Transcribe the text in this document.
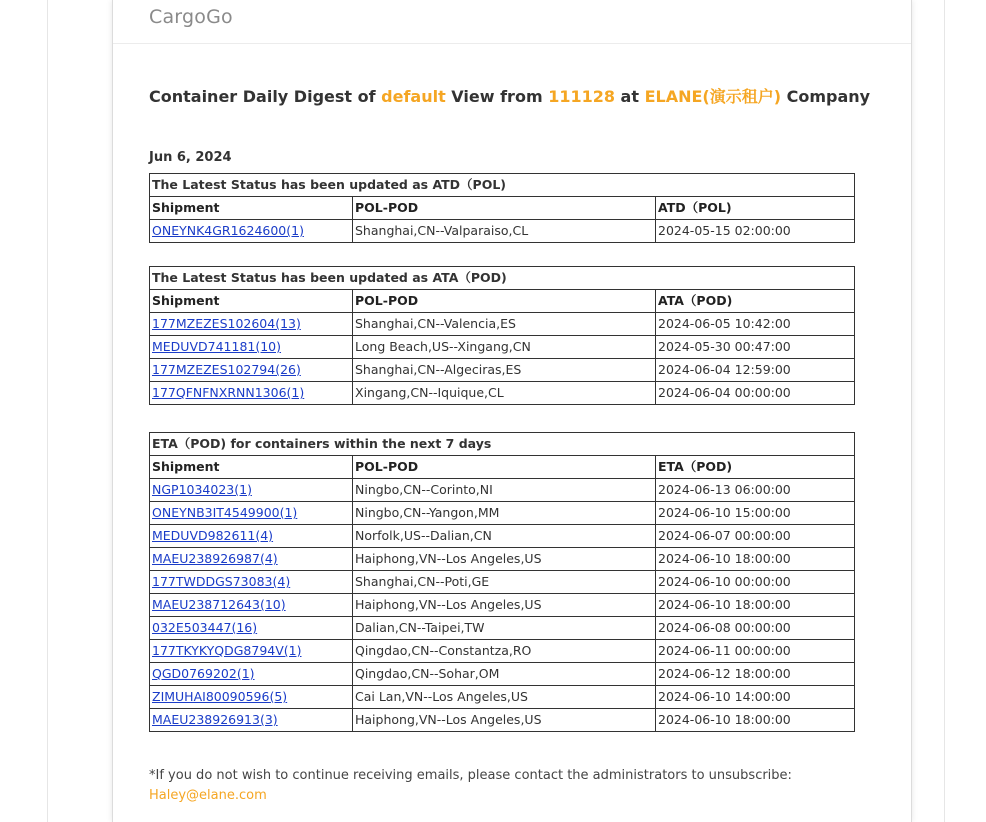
CargoGo
Container Daily Digest of default View from 111128 at ELANE(演示租户) Company
Jun 6, 2024
The Latest Status has been updated as ATD（POL)		
Shipment	POL-POD	ATD（POL)
ONEYNK4GR1624600(1)	Shanghai,CN--Valparaiso,CL	2024-05-15 02:00:00
The Latest Status has been updated as ATA（POD)		
Shipment	POL-POD	ATA（POD)
177MZEZES102604(13)	Shanghai,CN--Valencia,ES	2024-06-05 10:42:00
MEDUVD741181(10)	Long Beach,US--Xingang,CN	2024-05-30 00:47:00
177MZEZES102794(26)	Shanghai,CN--Algeciras,ES	2024-06-04 12:59:00
177QFNFNXRNN1306(1)	Xingang,CN--Iquique,CL	2024-06-04 00:00:00
ETA（POD) for containers within the next 7 days		
Shipment	POL-POD	ETA（POD)
NGP1034023(1)	Ningbo,CN--Corinto,NI	2024-06-13 06:00:00
ONEYNB3IT4549900(1)	Ningbo,CN--Yangon,MM	2024-06-10 15:00:00
MEDUVD982611(4)	Norfolk,US--Dalian,CN	2024-06-07 00:00:00
MAEU238926987(4)	Haiphong,VN--Los Angeles,US	2024-06-10 18:00:00
177TWDDGS73083(4)	Shanghai,CN--Poti,GE	2024-06-10 00:00:00
MAEU238712643(10)	Haiphong,VN--Los Angeles,US	2024-06-10 18:00:00
032E503447(16)	Dalian,CN--Taipei,TW	2024-06-08 00:00:00
177TKYKYQDG8794V(1)	Qingdao,CN--Constantza,RO	2024-06-11 00:00:00
QGD0769202(1)	Qingdao,CN--Sohar,OM	2024-06-12 18:00:00
ZIMUHAI80090596(5)	Cai Lan,VN--Los Angeles,US	2024-06-10 14:00:00
MAEU238926913(3)	Haiphong,VN--Los Angeles,US	2024-06-10 18:00:00
*If you do not wish to continue receiving emails, please contact the administrators to unsubscribe:
Haley@elane.com
